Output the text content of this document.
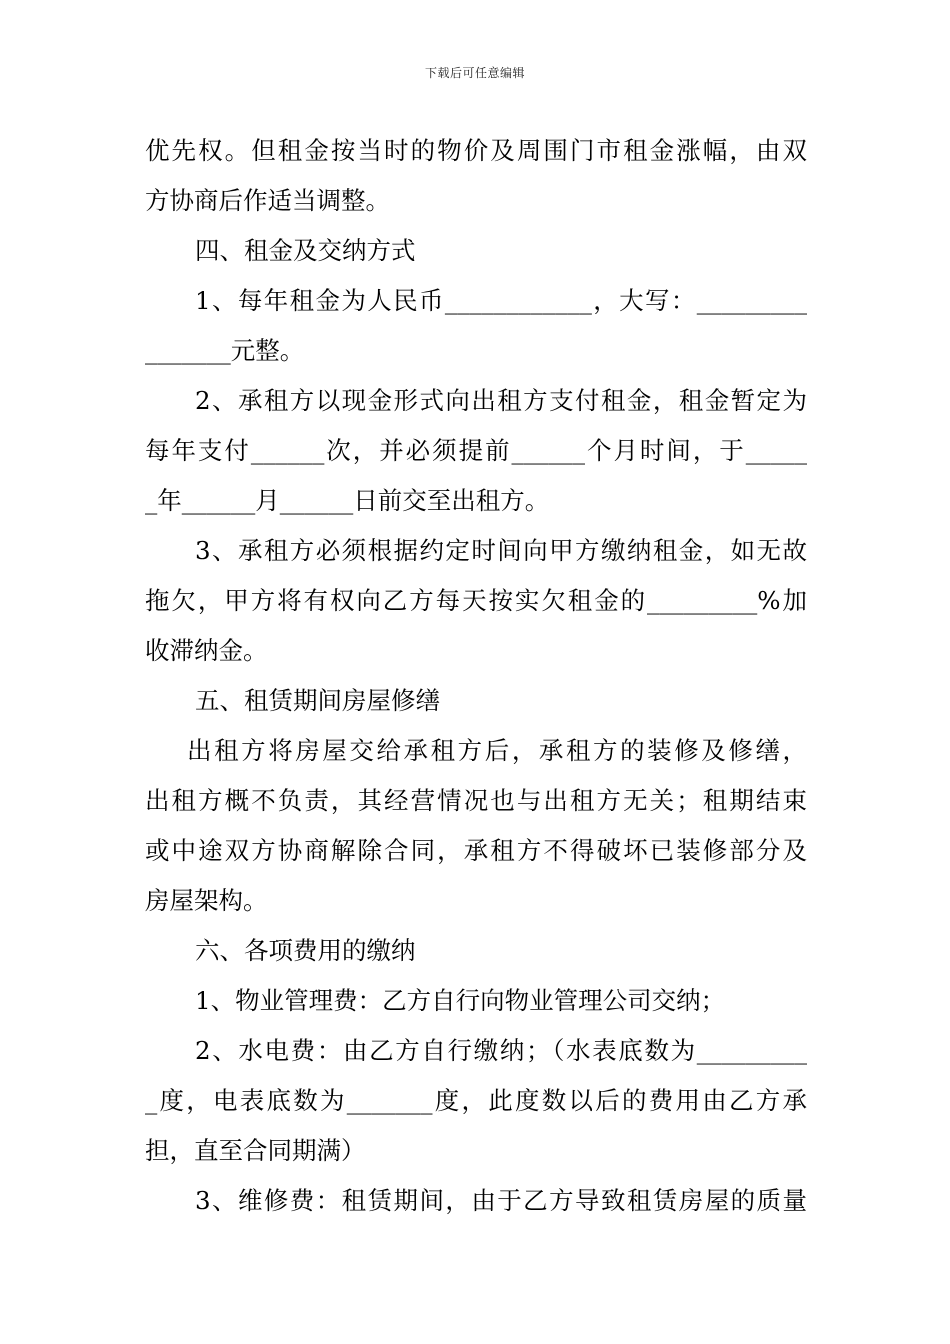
下载后可任意编辑
优先权。但租金按当时的物价及周围门市租金涨幅，由双
方协商后作适当调整。
四、租金及交纳方式
1、每年租金为人民币____________，大写：_________
_______元整。
2、承租方以现金形式向出租方支付租金，租金暂定为
每年支付______次，并必须提前______个月时间，于_____
_年______月______日前交至出租方。
3、承租方必须根据约定时间向甲方缴纳租金，如无故
拖欠，甲方将有权向乙方每天按实欠租金的_________%加
收滞纳金。
五、租赁期间房屋修缮
出租方将房屋交给承租方后，承租方的装修及修缮，
出租方概不负责，其经营情况也与出租方无关；租期结束
或中途双方协商解除合同，承租方不得破坏已装修部分及
房屋架构。
六、各项费用的缴纳
1、物业管理费：乙方自行向物业管理公司交纳；
2、水电费：由乙方自行缴纳；（水表底数为_________
_度，电表底数为_______度，此度数以后的费用由乙方承
担，直至合同期满）
3、维修费：租赁期间，由于乙方导致租赁房屋的质量
